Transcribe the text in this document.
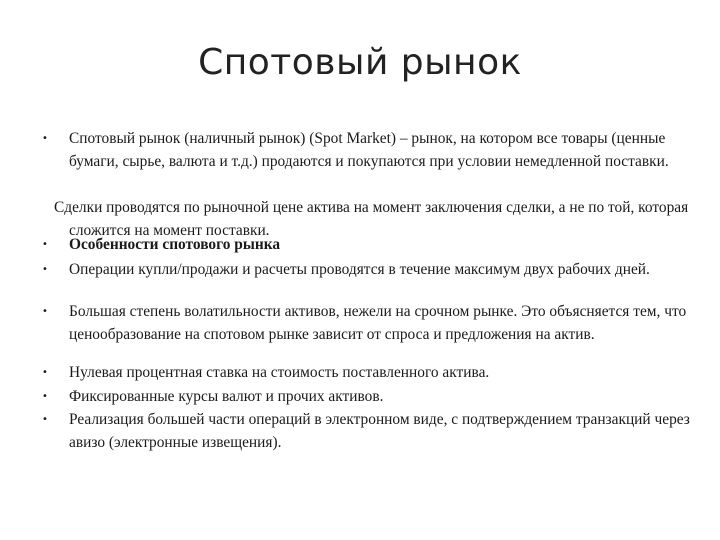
Спотовый рынок
• Спотовый рынок (наличный рынок) (Spot Market) – рынок, на котором все товары (ценные бумаги, сырье, валюта и т.д.) продаются и покупаются при условии немедленной поставки.
Сделки проводятся по рыночной цене актива на момент заключения сделки, а не по той, которая сложится на момент поставки.
• Особенности спотового рынка
• Операции купли/продажи и расчеты проводятся в течение максимум двух рабочих дней.
• Большая степень волатильности активов, нежели на срочном рынке. Это объясняется тем, что ценообразование на спотовом рынке зависит от спроса и предложения на актив.
• Нулевая процентная ставка на стоимость поставленного актива.
• Фиксированные курсы валют и прочих активов.
• Реализация большей части операций в электронном виде, с подтверждением транзакций через авизо (электронные извещения).
